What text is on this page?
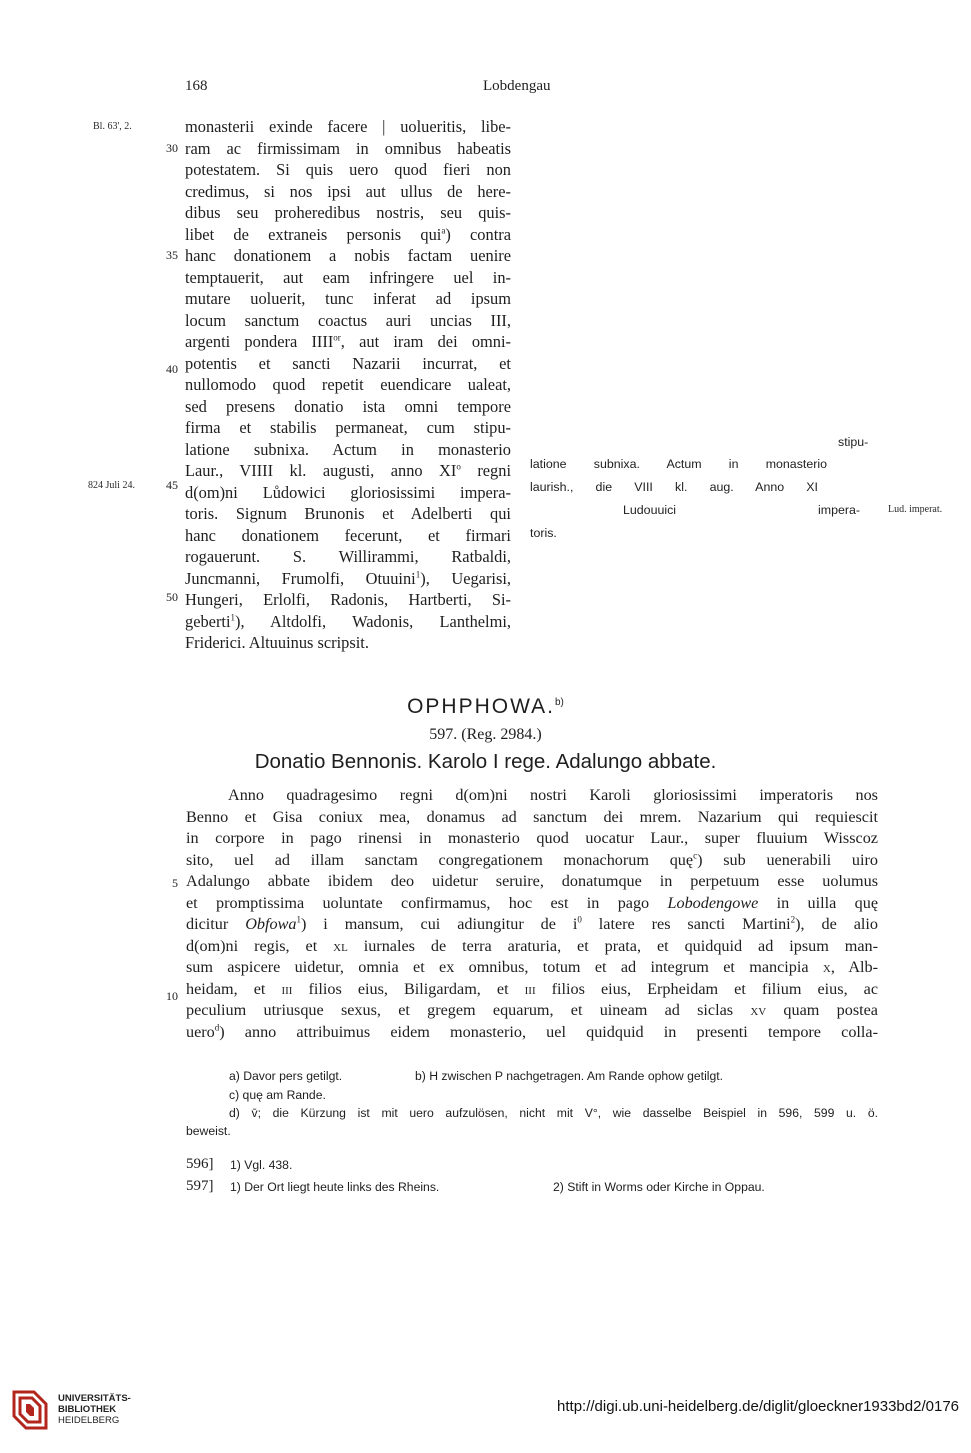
168	Lobdengau
Bl. 63', 2.
824 Juli 24.
Lud. imperat.
30
35
40
45
50
5
10
monasterii exinde facere | uolueritis, libe-
ram ac firmissimam in omnibus habeatis
potestatem. Si quis uero quod fieri non
credimus, si nos ipsi aut ullus de here-
dibus seu proheredibus nostris, seu quis-
libet de extraneis personis qui$^a$) contra
hanc donationem a nobis factam uenire
temptauerit, aut eam infringere uel in-
mutare uoluerit, tunc inferat ad ipsum
locum sanctum coactus auri uncias III,
argenti pondera $IIII^{or}$, aut iram dei omni-
potentis et sancti Nazarii incurrat, et
nullomodo quod repetit euendicare ualeat,
sed presens donatio ista omni tempore
firma et stabilis permaneat, cum stipu-
latione subnixa. Actum in monasterio
Laur., VIIII kl. augusti, anno $XI^o$ regni
d(om)ni Lůdowici gloriosissimi impera-
toris. Signum Brunonis et Adelberti qui
hanc donationem fecerunt, et firmari
rogauerunt. S. Willirammi, Ratbaldi,
Juncmanni, Frumolfi, Otuuini$^1$), Uegarisi,
Hungeri, Erlolfi, Radonis, Hartberti, Si-
geberti$^1$), Altdolfi, Wadonis, Lanthelmi,
Friderici. Altuuinus scripsit.
stipu-
latione subnixa. Actum in monasterio
laurish., die VIII kl. aug. Anno XI
Ludouuici	impera-
toris.
OPHPHOWA.$^{b)}$
597. (Reg. 2984.)
Donatio Bennonis. Karolo I rege. Adalungo abbate.
Anno quadragesimo regni d(om)ni nostri Karoli gloriosissimi imperatoris nos
Benno et Gisa coniux mea, donamus ad sanctum dei mrem. Nazarium qui requiescit
in corpore in pago rinensi in monasterio quod uocatur Laur., super fluuium Wisscoz
sito, uel ad illam sanctam congregationem monachorum quę$^c$) sub uenerabili uiro
Adalungo abbate ibidem deo uidetur seruire, donatumque in perpetuum esse uolumus
et promptissima uoluntate confirmamus, hoc est in pago Lobodengowe in uilla quę
dicitur Obfowa$^1$) i mansum, cui adiungitur de $i^0$ latere res sancti Martini$^2$), de alio
d(om)ni regis, et xl iurnales de terra araturia, et prata, et quidquid ad ipsum man-
sum aspicere uidetur, omnia et ex omnibus, totum et ad integrum et mancipia x, Alb-
heidam, et iii filios eius, Biligardam, et iii filios eius, Erpheidam et filium eius, ac
peculium utriusque sexus, et gregem equarum, et uineam ad siclas xv quam postea
uero$^d$) anno attribuimus eidem monasterio, uel quidquid in presenti tempore colla-
a) Davor pers getilgt.	b) H zwischen P nachgetragen. Am Rande ophow getilgt.
c) quę am Rande.
d) v̄; die Kürzung ist mit uero aufzulösen, nicht mit V°, wie dasselbe Beispiel in 596, 599 u. ö.
beweist.
596] 1) Vgl. 438.
597] 1) Der Ort liegt heute links des Rheins.	2) Stift in Worms oder Kirche in Oppau.
UNIVERSITÄTS-
BIBLIOTHEK
HEIDELBERG
http://digi.ub.uni-heidelberg.de/diglit/gloeckner1933bd2/0176
